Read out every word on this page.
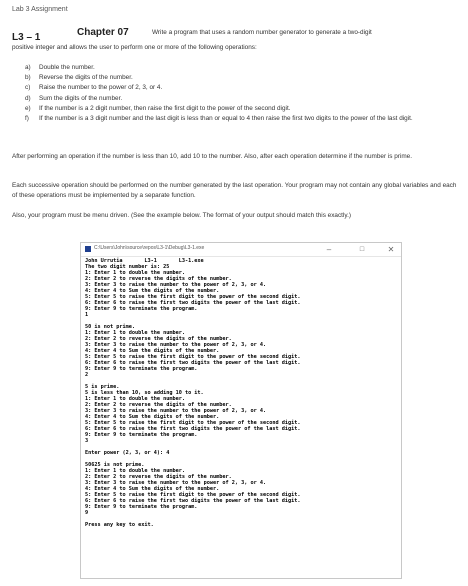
Lab 3 Assignment
L3 – 1	Chapter 07	Write a program that uses a random number generator to generate a two-digit
positive integer and allows the user to perform one or more of the following operations:
a)	Double the number.
b)	Reverse the digits of the number.
c)	Raise the number to the power of 2, 3, or 4.
d)	Sum the digits of the number.
e)	If the number is a 2 digit number, then raise the first digit to the power of the second digit.
f)	If the number is a 3 digit number and the last digit is less than or equal to 4 then raise the first two digits to the power of the last digit.

After performing an operation if the number is less than 10, add 10 to the number. Also, after each operation determine if the number is prime.

Each successive operation should be performed on the number generated by the last operation. Your program may not contain any global variables and each of these operations must be implemented by a separate function.

Also, your program must be menu driven. (See the example below. The format of your output should match this exactly.)

C:\Users\John\source\repos\L3-1\Debug\L3-1.exe	–	□	✕
John Urrutia       L3-1       L3-1.exe
The two digit number is: 25
1: Enter 1 to double the number.
2: Enter 2 to reverse the digits of the number.
3: Enter 3 to raise the number to the power of 2, 3, or 4.
4: Enter 4 to Sum the digits of the number.
5: Enter 5 to raise the first digit to the power of the second digit.
6: Enter 6 to raise the first two digits the power of the last digit.
9: Enter 9 to terminate the program.
1
50 is not prime.
1: Enter 1 to double the number.
2: Enter 2 to reverse the digits of the number.
3: Enter 3 to raise the number to the power of 2, 3, or 4.
4: Enter 4 to Sum the digits of the number.
5: Enter 5 to raise the first digit to the power of the second digit.
6: Enter 6 to raise the first two digits the power of the last digit.
9: Enter 9 to terminate the program.
2
5 is prime.
5 is less than 10, so adding 10 to it.
1: Enter 1 to double the number.
2: Enter 2 to reverse the digits of the number.
3: Enter 3 to raise the number to the power of 2, 3, or 4.
4: Enter 4 to Sum the digits of the number.
5: Enter 5 to raise the first digit to the power of the second digit.
6: Enter 6 to raise the first two digits the power of the last digit.
9: Enter 9 to terminate the program.
3
Enter power (2, 3, or 4): 4
50625 is not prime.
1: Enter 1 to double the number.
2: Enter 2 to reverse the digits of the number.
3: Enter 3 to raise the number to the power of 2, 3, or 4.
4: Enter 4 to Sum the digits of the number.
5: Enter 5 to raise the first digit to the power of the second digit.
6: Enter 6 to raise the first two digits the power of the last digit.
9: Enter 9 to terminate the program.
9
Press any key to exit.
